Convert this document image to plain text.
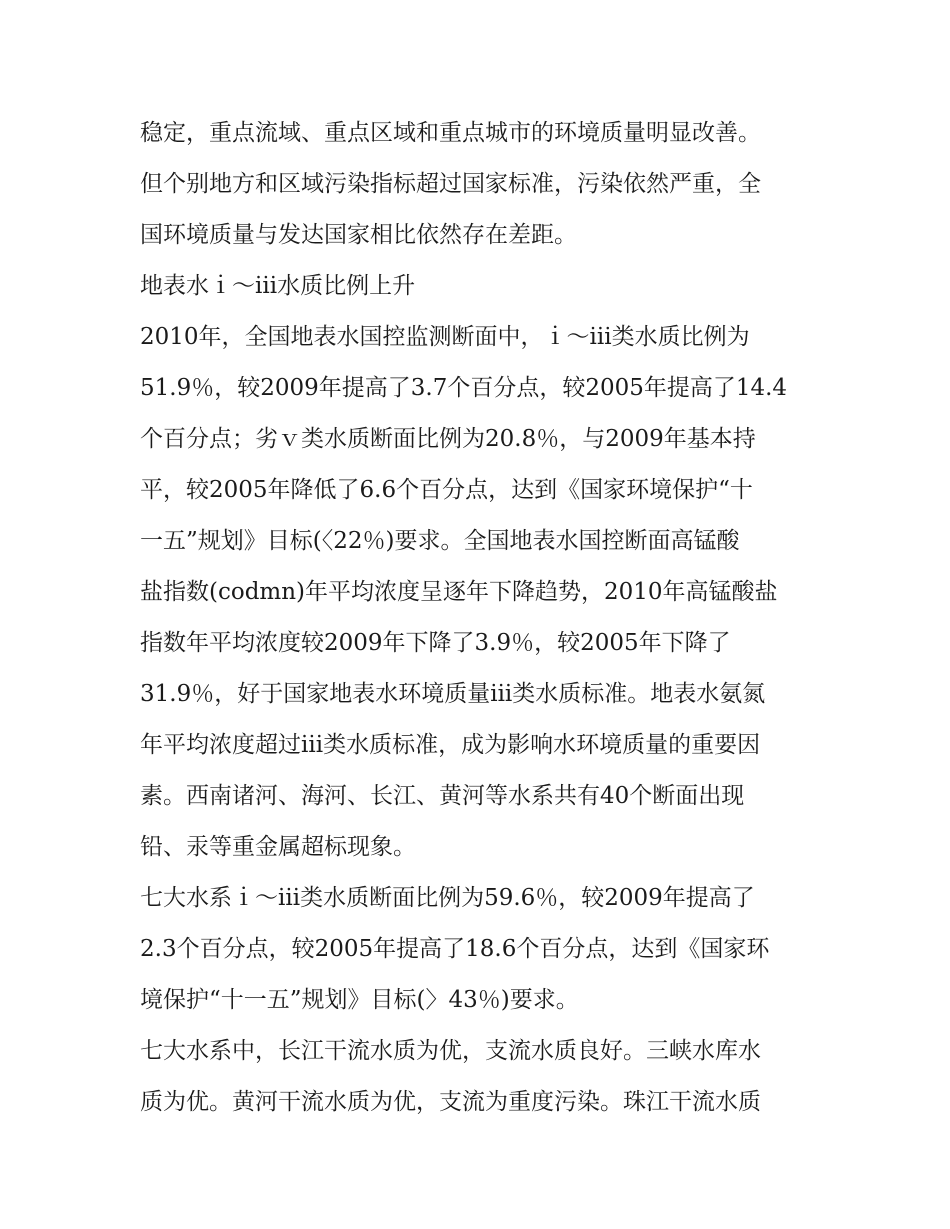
稳定，重点流域、重点区域和重点城市的环境质量明显改善。
但个别地方和区域污染指标超过国家标准，污染依然严重，全
国环境质量与发达国家相比依然存在差距。
地表水ｉ～iii水质比例上升
2010年，全国地表水国控监测断面中，ｉ～iii类水质比例为
51.9％，较2009年提高了3.7个百分点，较2005年提高了14.4
个百分点；劣ｖ类水质断面比例为20.8％，与2009年基本持
平，较2005年降低了6.6个百分点，达到《国家环境保护“十
一五”规划》目标(〈22％)要求。全国地表水国控断面高锰酸
盐指数(codmn)年平均浓度呈逐年下降趋势，2010年高锰酸盐
指数年平均浓度较2009年下降了3.9％，较2005年下降了
31.9％，好于国家地表水环境质量iii类水质标准。地表水氨氮
年平均浓度超过iii类水质标准，成为影响水环境质量的重要因
素。西南诸河、海河、长江、黄河等水系共有40个断面出现
铅、汞等重金属超标现象。
七大水系ｉ～iii类水质断面比例为59.6％，较2009年提高了
2.3个百分点，较2005年提高了18.6个百分点，达到《国家环
境保护“十一五”规划》目标(〉43％)要求。
七大水系中，长江干流水质为优，支流水质良好。三峡水库水
质为优。黄河干流水质为优，支流为重度污染。珠江干流水质
